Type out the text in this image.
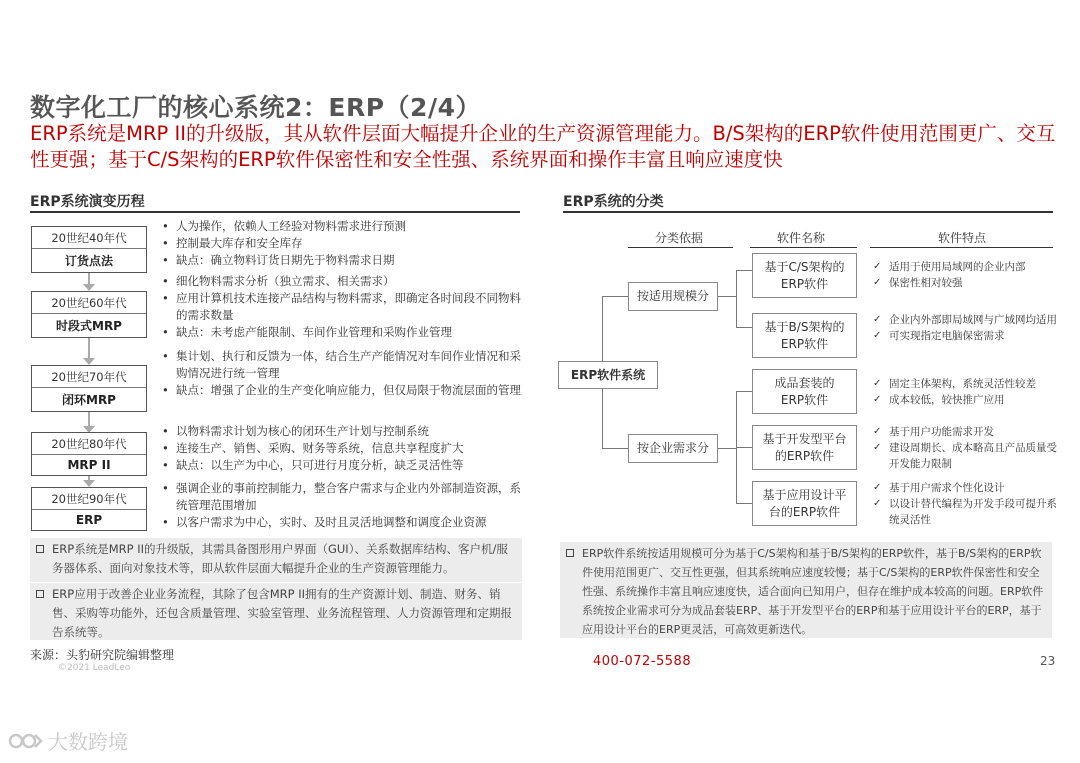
数字化工厂的核心系统2：ERP（2/4）
ERP系统是MRP II的升级版，其从软件层面大幅提升企业的生产资源管理能力。B/S架构的ERP软件使用范围更广、交互性更强；基于C/S架构的ERP软件保密性和安全性强、系统界面和操作丰富且响应速度快
ERP系统演变历程
20世纪40年代
订货点法
20世纪60年代
时段式MRP
20世纪70年代
闭环MRP
20世纪80年代
MRP II
20世纪90年代
ERP
• 人为操作，依赖人工经验对物料需求进行预测
• 控制最大库存和安全库存
• 缺点：确立物料订货日期先于物料需求日期
• 细化物料需求分析（独立需求、相关需求）
• 应用计算机技术连接产品结构与物料需求，即确定各时间段不同物料的需求数量
• 缺点：未考虑产能限制、车间作业管理和采购作业管理
• 集计划、执行和反馈为一体，结合生产产能情况对车间作业情况和采购情况进行统一管理
• 缺点：增强了企业的生产变化响应能力，但仅局限于物流层面的管理
• 以物料需求计划为核心的闭环生产计划与控制系统
• 连接生产、销售、采购、财务等系统，信息共享程度扩大
• 缺点：以生产为中心，只可进行月度分析，缺乏灵活性等
• 强调企业的事前控制能力，整合客户需求与企业内外部制造资源，系统管理范围增加
• 以客户需求为中心，实时、及时且灵活地调整和调度企业资源
ERP系统是MRP II的升级版，其需具备图形用户界面（GUI）、关系数据库结构、客户机/服务器体系、面向对象技术等，即从软件层面大幅提升企业的生产资源管理能力。
ERP应用于改善企业业务流程，其除了包含MRP II拥有的生产资源计划、制造、财务、销售、采购等功能外，还包含质量管理、实验室管理、业务流程管理、人力资源管理和定期报告系统等。
来源：头豹研究院编辑整理
©2021 LeadLeo
ERP系统的分类
分类依据	软件名称	软件特点
ERP软件系统
按适用规模分
按企业需求分
基于C/S架构的ERP软件
基于B/S架构的ERP软件
成品套装的ERP软件
基于开发型平台的ERP软件
基于应用设计平台的ERP软件
✓ 适用于使用局域网的企业内部
✓ 保密性相对较强
✓ 企业内外部即局域网与广域网均适用
✓ 可实现指定电脑保密需求
✓ 固定主体架构，系统灵活性较差
✓ 成本较低，较快推广应用
✓ 基于用户功能需求开发
✓ 建设周期长、成本略高且产品质量受开发能力限制
✓ 基于用户需求个性化设计
✓ 以设计替代编程为开发手段可提升系统灵活性
ERP软件系统按适用规模可分为基于C/S架构和基于B/S架构的ERP软件，基于B/S架构的ERP软件使用范围更广、交互性更强，但其系统响应速度较慢；基于C/S架构的ERP软件保密性和安全性强、系统操作丰富且响应速度快，适合面向已知用户，但存在维护成本较高的问题。ERP软件系统按企业需求可分为成品套装ERP、基于开发型平台的ERP和基于应用设计平台的ERP，基于应用设计平台的ERP更灵活，可高效更新迭代。
400-072-5588	23
大数跨境
